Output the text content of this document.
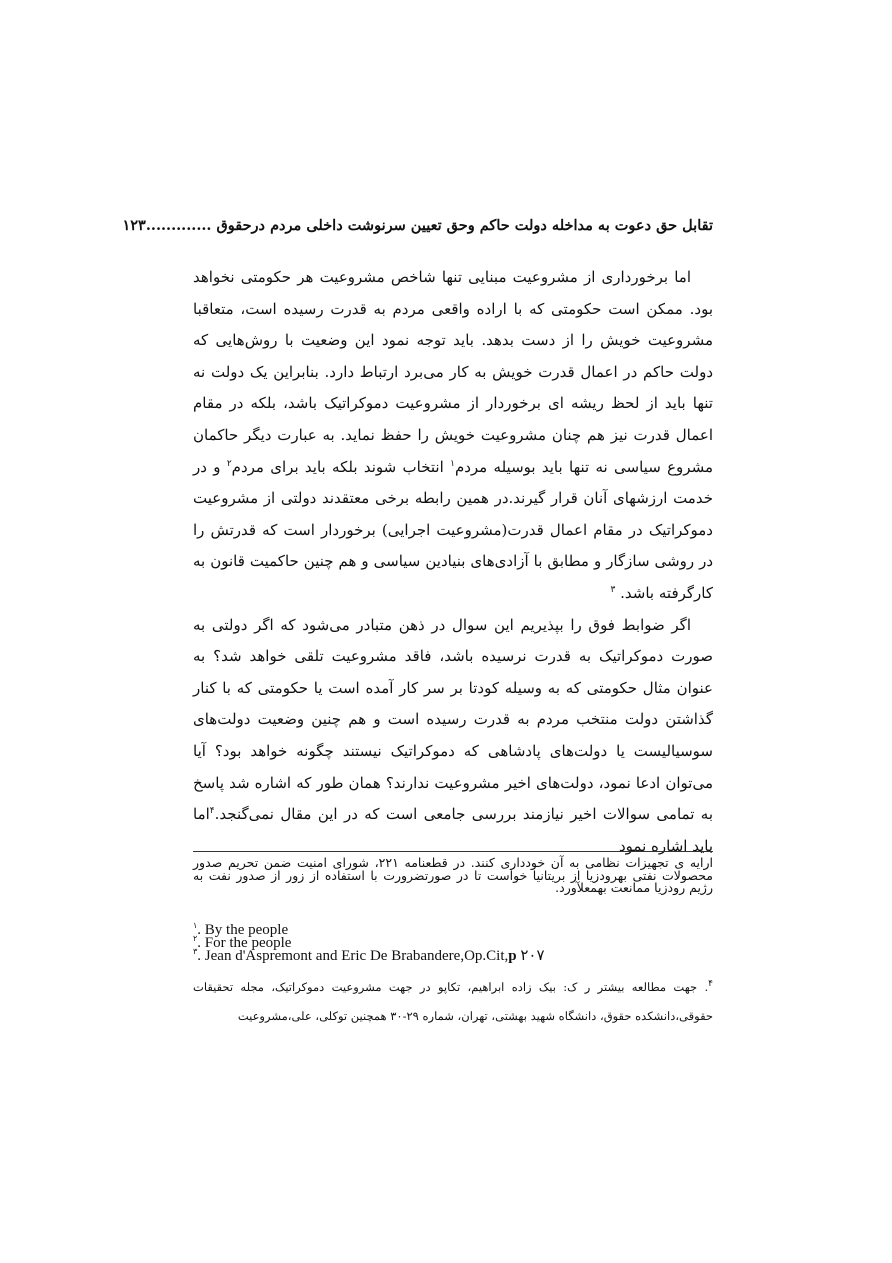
تقابل حق دعوت به مداخله دولت حاکم وحق تعیین سرنوشت داخلی مردم درحقوق .............۱۲۳

اما برخورداری از مشروعیت مبنایی تنها شاخص مشروعیت هر حکومتی نخواهد بود. ممکن است حکومتی که با اراده واقعی مردم به قدرت رسیده است، متعاقبا مشروعیت خویش را از دست بدهد. باید توجه نمود این وضعیت با روش‌هایی که دولت حاکم در اعمال قدرت خویش به کار می‌برد ارتباط دارد. بنابراین یک دولت نه تنها باید از لحظ ریشه ای برخوردار از مشروعیت دموکراتیک باشد، بلکه در مقام اعمال قدرت نیز هم چنان مشروعیت خویش را حفظ نماید. به عبارت دیگر حاکمان مشروع سیاسی نه تنها باید بوسیله مردم$^۱$ انتخاب شوند بلکه باید برای مردم$^۲$ و در خدمت ارزشهای آنان قرار گیرند.در همین رابطه برخی معتقدند دولتی از مشروعیت دموکراتیک در مقام اعمال قدرت(مشروعیت اجرایی) برخوردار است که قدرتش را در روشی سازگار و مطابق با آزادی‌های بنیادین سیاسی و هم چنین حاکمیت قانون به کارگرفته باشد. $^۳$

اگر ضوابط فوق را بپذیریم این سوال در ذهن متبادر می‌شود که اگر دولتی به صورت دموکراتیک به قدرت نرسیده باشد، فاقد مشروعیت تلقی خواهد شد؟ به عنوان مثال حکومتی که به وسیله کودتا بر سر کار آمده است یا حکومتی که با کنار گذاشتن دولت منتخب مردم به قدرت رسیده است و هم چنین وضعیت دولت‌های سوسیالیست یا دولت‌های پادشاهی که دموکراتیک نیستند چگونه خواهد بود؟ آیا می‌توان ادعا نمود، دولت‌های اخیر مشروعیت ندارند؟ همان طور که اشاره شد پاسخ به تمامی سوالات اخیر نیازمند بررسی جامعی است که در این مقال نمی‌گنجد.$^۴$اما باید اشاره نمود

ارایه ی تجهیزات نظامی به آن خودداری کنند. در قطعنامه ۲۲۱، شورای امنیت ضمن تحریم صدور محصولات نفتی بهرودزیا از بریتانیا خواست تا در صورتضرورت با استفاده از زور از صدور نفت به رژیم رودزیا ممانعت بهمعلآورد.
$^۱$. By the people
$^۲$. For the people
$^۳$. Jean d'Aspremont and Eric De Brabandere,Op.Cit,p ۲۰۷
$^۴$. جهت مطالعه بیشتر ر ک: بیک زاده ابراهیم، تکاپو در جهت مشروعیت دموکراتیک، مجله تحقیقات حقوقی،دانشکده حقوق، دانشگاه شهید بهشتی، تهران، شماره ۲۹-۳۰ همچنین توکلی، علی،مشروعیت
